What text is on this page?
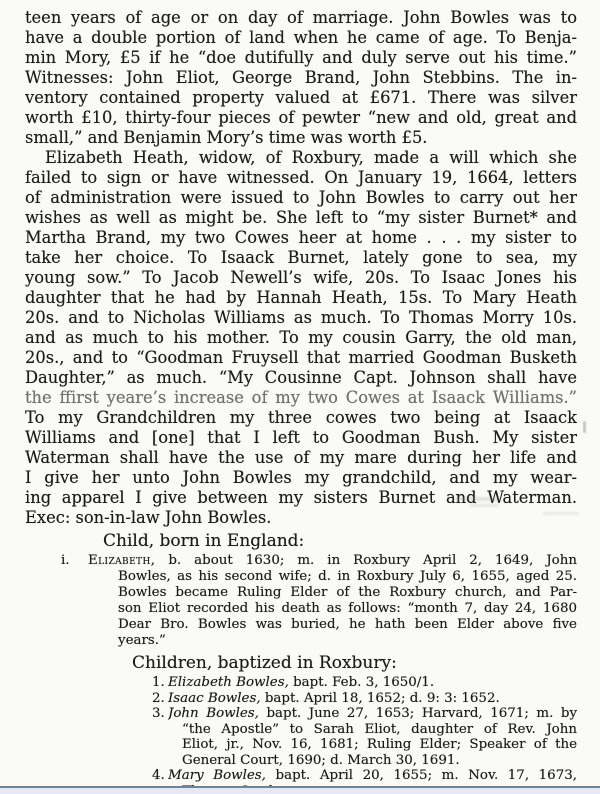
teen years of age or on day of marriage. John Bowles was to
have a double portion of land when he came of age. To Benja-
min Mory, £5 if he “doe dutifully and duly serve out his time.”
Witnesses: John Eliot, George Brand, John Stebbins. The in-
ventory contained property valued at £671. There was silver
worth £10, thirty-four pieces of pewter “new and old, great and
small,” and Benjamin Mory’s time was worth £5.
Elizabeth Heath, widow, of Roxbury, made a will which she
failed to sign or have witnessed. On January 19, 1664, letters
of administration were issued to John Bowles to carry out her
wishes as well as might be. She left to “my sister Burnet* and
Martha Brand, my two Cowes heer at home . . . my sister to
take her choice. To Isaack Burnet, lately gone to sea, my
young sow.” To Jacob Newell’s wife, 20s. To Isaac Jones his
daughter that he had by Hannah Heath, 15s. To Mary Heath
20s. and to Nicholas Williams as much. To Thomas Morry 10s.
and as much to his mother. To my cousin Garry, the old man,
20s., and to “Goodman Fruysell that married Goodman Busketh
Daughter,” as much. “My Cousinne Capt. Johnson shall have
the ffirst yeare’s increase of my two Cowes at Isaack Williams.”
To my Grandchildren my three cowes two being at Isaack
Williams and [one] that I left to Goodman Bush. My sister
Waterman shall have the use of my mare during her life and
I give her unto John Bowles my grandchild, and my wear-
ing apparel I give between my sisters Burnet and Waterman.
Exec: son-in-law John Bowles.
Child, born in England:
i. Elizabeth, b. about 1630; m. in Roxbury April 2, 1649, John
Bowles, as his second wife; d. in Roxbury July 6, 1655, aged 25.
Bowles became Ruling Elder of the Roxbury church, and Par-
son Eliot recorded his death as follows: “month 7, day 24, 1680
Dear Bro. Bowles was buried, he hath been Elder above five
years.”
Children, baptized in Roxbury:
1. Elizabeth Bowles, bapt. Feb. 3, 1650/1.
2. Isaac Bowles, bapt. April 18, 1652; d. 9: 3: 1652.
3. John Bowles, bapt. June 27, 1653; Harvard, 1671; m. by
“the Apostle” to Sarah Eliot, daughter of Rev. John
Eliot, jr., Nov. 16, 1681; Ruling Elder; Speaker of the
General Court, 1690; d. March 30, 1691.
4. Mary Bowles, bapt. April 20, 1655; m. Nov. 17, 1673,
